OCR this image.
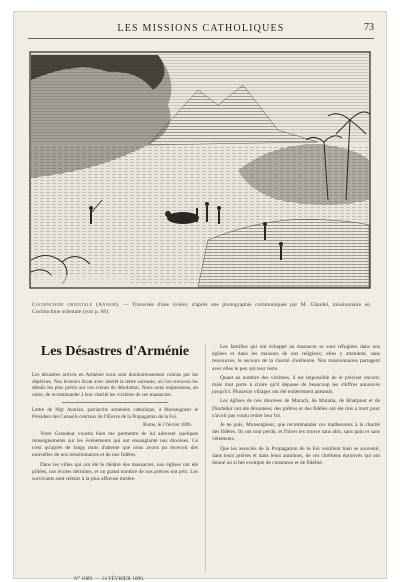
LES MISSIONS CATHOLIQUES	73
Cochinchine orientale (Annam). — Traversée d'une rivière; d'après une photographie communiquée par M. Glaudel, missionnaire en Cochinchine orientale (voir p. 68).
Les Désastres d'Arménie

Les désastres arrivés en Arménie nous sont douloureusement connus par les dépêches. Nos lecteurs liront avec intérêt la lettre suivante, où l'on trouvera les détails les plus précis sur ces scènes de désolation. Nous nous empressons, en outre, de recommander à leur charité les victimes de ces massacres.

Lettre de Mgr Azarian, patriarche arménien catholique, à Monseigneur le Président des Conseils centraux de l'Œuvre de la Propagation de la Foi.

Rome, le 2 février 1896.

Votre Grandeur voudra bien me permettre de lui adresser quelques renseignements sur les événements qui ont ensanglanté nos diocèses. Ce n'est qu'après de longs mois d'attente que nous avons pu recevoir des nouvelles de nos missionnaires et de nos fidèles.

Dans les villes qui ont été le théâtre des massacres, nos églises ont été pillées, nos écoles détruites, et un grand nombre de nos prêtres ont péri. Les survivants sont réduits à la plus affreuse misère.

Les familles qui ont échappé au massacre se sont réfugiées dans nos églises et dans les maisons de nos religieux; elles y attendent, sans ressources, le secours de la charité chrétienne. Nos missionnaires partagent avec elles le peu qui leur reste.

Quant au nombre des victimes, il est impossible de le préciser encore; mais tout porte à croire qu'il dépasse de beaucoup les chiffres annoncés jusqu'ici. Plusieurs villages ont été entièrement anéantis.

Les églises de nos diocèses de Marach, de Malatia, de Kharpout et de Diarbékir ont été dévastées; des prêtres et des fidèles ont été mis à mort pour n'avoir pas voulu renier leur foi.

Je ne puis, Monseigneur, que recommander ces malheureux à la charité des fidèles. Ils ont tout perdu, et l'hiver les trouve sans abri, sans pain et sans vêtements.

Que les associés de la Propagation de la Foi veuillent bien se souvenir, dans leurs prières et dans leurs aumônes, de ces chrétiens éprouvés qui ont donné un si bel exemple de constance et de fidélité.

N° 1889. — 14 FÉVRIER 1896.
